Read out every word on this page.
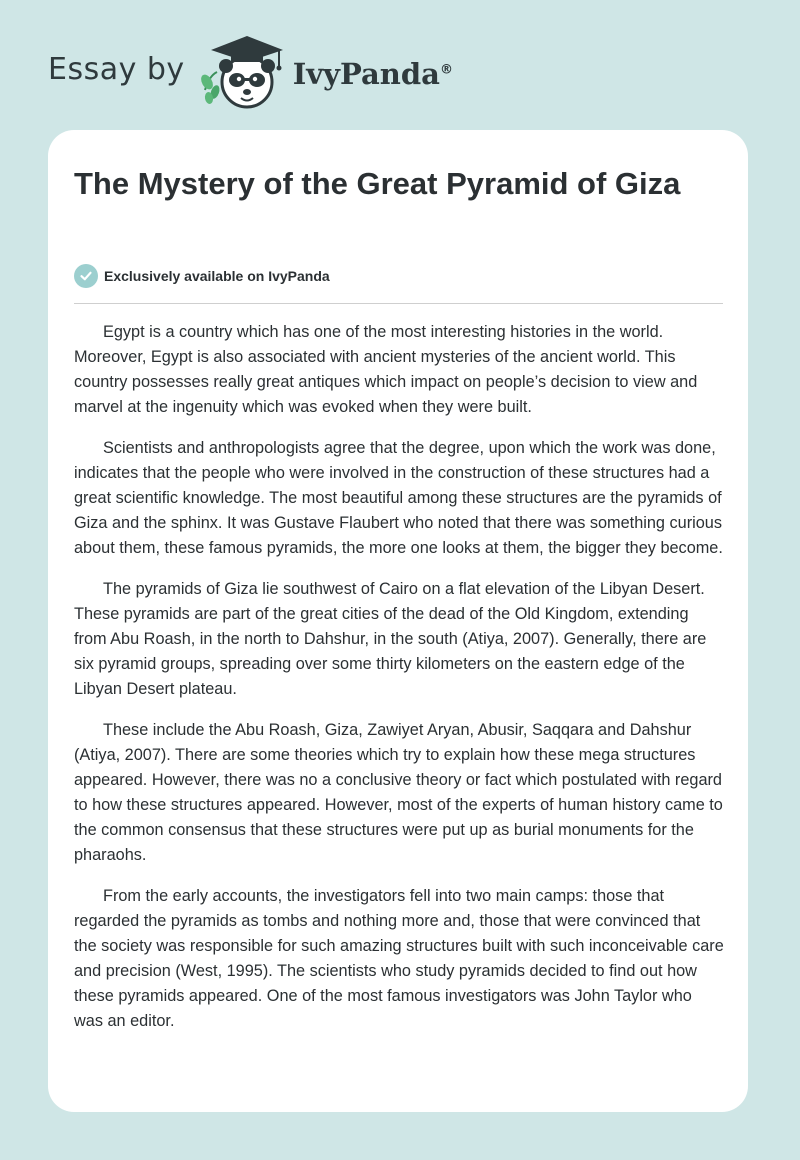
Essay by	IvyPanda®
The Mystery of the Great Pyramid of Giza
Exclusively available on IvyPanda

Egypt is a country which has one of the most interesting histories in the world. Moreover, Egypt is also associated with ancient mysteries of the ancient world. This country possesses really great antiques which impact on people’s decision to view and marvel at the ingenuity which was evoked when they were built.

Scientists and anthropologists agree that the degree, upon which the work was done, indicates that the people who were involved in the construction of these structures had a great scientific knowledge. The most beautiful among these structures are the pyramids of Giza and the sphinx. It was Gustave Flaubert who noted that there was something curious about them, these famous pyramids, the more one looks at them, the bigger they become.

The pyramids of Giza lie southwest of Cairo on a flat elevation of the Libyan Desert. These pyramids are part of the great cities of the dead of the Old Kingdom, extending from Abu Roash, in the north to Dahshur, in the south (Atiya, 2007). Generally, there are six pyramid groups, spreading over some thirty kilometers on the eastern edge of the Libyan Desert plateau.

These include the Abu Roash, Giza, Zawiyet Aryan, Abusir, Saqqara and Dahshur (Atiya, 2007). There are some theories which try to explain how these mega structures appeared. However, there was no a conclusive theory or fact which postulated with regard to how these structures appeared. However, most of the experts of human history came to the common consensus that these structures were put up as burial monuments for the pharaohs.

From the early accounts, the investigators fell into two main camps: those that regarded the pyramids as tombs and nothing more and, those that were convinced that the society was responsible for such amazing structures built with such inconceivable care and precision (West, 1995). The scientists who study pyramids decided to find out how these pyramids appeared. One of the most famous investigators was John Taylor who was an editor.
